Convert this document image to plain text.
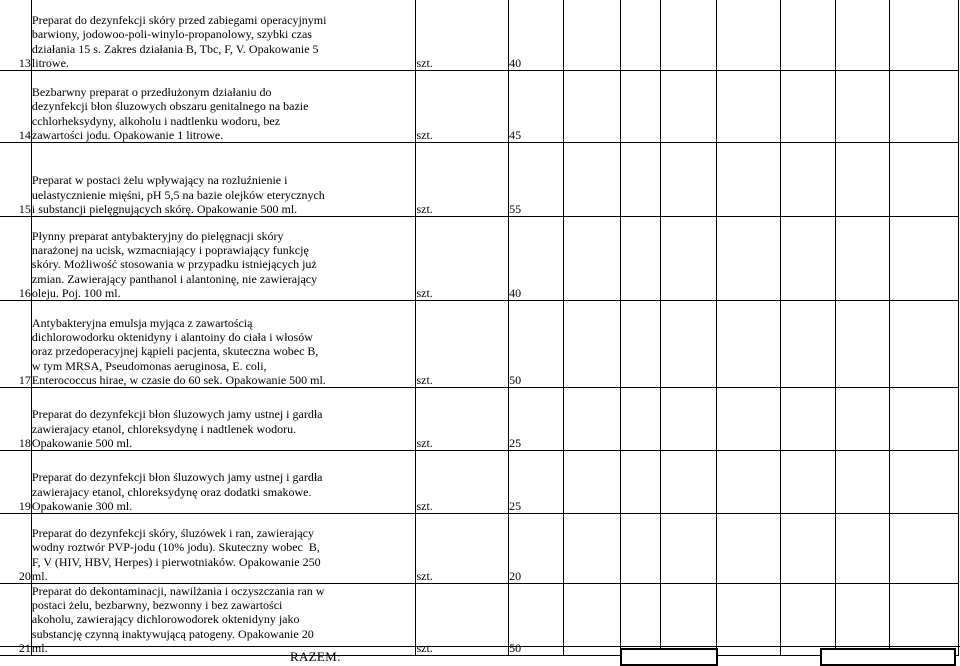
13	Preparat do dezynfekcji skóry przed zabiegami operacyjnymi
barwiony, jodowoo-poli-winylo-propanolowy, szybki czas
działania 15 s. Zakres działania B, Tbc, F, V. Opakowanie 5
litrowe.	szt.	40							
14	Bezbarwny preparat o przedłużonym działaniu do
dezynfekcji błon śluzowych obszaru genitalnego na bazie
cchlorheksydyny, alkoholu i nadtlenku wodoru, bez
zawartości jodu. Opakowanie 1 litrowe.	szt.	45							
15	Preparat w postaci żelu wpływający na rozluźnienie i
uelastycznienie mięśni, pH 5,5 na bazie olejków eterycznych
i substancji pielęgnujących skórę. Opakowanie 500 ml.	szt.	55							
16	Płynny preparat antybakteryjny do pielęgnacji skóry
narażonej na ucisk, wzmacniający i poprawiający funkcję
skóry. Możliwość stosowania w przypadku istniejących już
zmian. Zawierający panthanol i alantoninę, nie zawierający
oleju. Poj. 100 ml.	szt.	40							
17	Antybakteryjna emulsja myjąca z zawartością
dichlorowodorku oktenidyny i alantoiny do ciała i włosów
oraz przedoperacyjnej kąpieli pacjenta, skuteczna wobec B,
w tym MRSA, Pseudomonas aeruginosa, E. coli,
Enterococcus hirae, w czasie do 60 sek. Opakowanie 500 ml.	szt.	50							
18	Preparat do dezynfekcji błon śluzowych jamy ustnej i gardła
zawierajacy etanol, chloreksydynę i nadtlenek wodoru.
Opakowanie 500 ml.	szt.	25							
19	Preparat do dezynfekcji błon śluzowych jamy ustnej i gardła
zawierajacy etanol, chloreksydynę oraz dodatki smakowe.
Opakowanie 300 ml.	szt.	25							
20	Preparat do dezynfekcji skóry, śluzówek i ran, zawierający
wodny roztwór PVP-jodu (10% jodu). Skuteczny wobec  B,
F, V (HIV, HBV, Herpes) i pierwotniaków. Opakowanie 250
ml.	szt.	20							
21	Preparat do dekontaminacji, nawilżania i oczyszczania ran w
postaci żelu, bezbarwny, bezwonny i bez zawartości
akoholu, zawierający dichlorowodorek oktenidyny jako
substancję czynną inaktywującą patogeny. Opakowanie 20
ml.	szt.	50							
RAZEM:
